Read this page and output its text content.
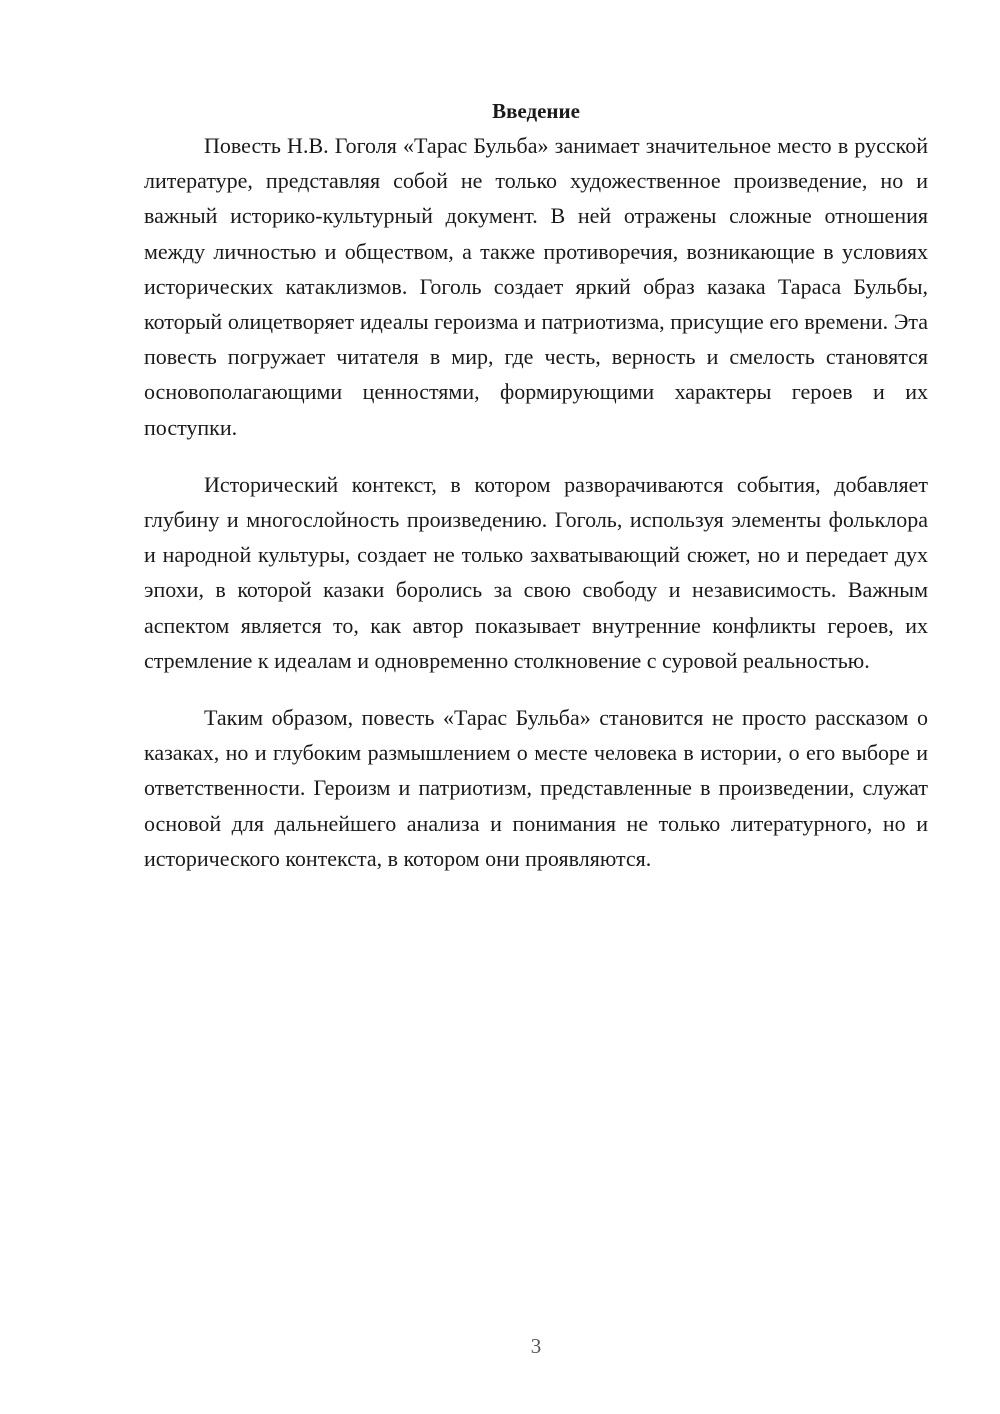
Введение

Повесть Н.В. Гоголя «Тарас Бульба» занимает значительное место в русской литературе, представляя собой не только художественное произведение, но и важный историко-культурный документ. В ней отражены сложные отношения между личностью и обществом, а также противоречия, возникающие в условиях исторических катаклизмов. Гоголь создает яркий образ казака Тараса Бульбы, который олицетворяет идеалы героизма и патриотизма, присущие его времени. Эта повесть погружает читателя в мир, где честь, верность и смелость становятся основополагающими ценностями, формирующими характеры героев и их поступки.

Исторический контекст, в котором разворачиваются события, добавляет глубину и многослойность произведению. Гоголь, используя элементы фольклора и народной культуры, создает не только захватывающий сюжет, но и передает дух эпохи, в которой казаки боролись за свою свободу и независимость. Важным аспектом является то, как автор показывает внутренние конфликты героев, их стремление к идеалам и одновременно столкновение с суровой реальностью.

Таким образом, повесть «Тарас Бульба» становится не просто рассказом о казаках, но и глубоким размышлением о месте человека в истории, о его выборе и ответственности. Героизм и патриотизм, представленные в произведении, служат основой для дальнейшего анализа и понимания не только литературного, но и исторического контекста, в котором они проявляются.

3
